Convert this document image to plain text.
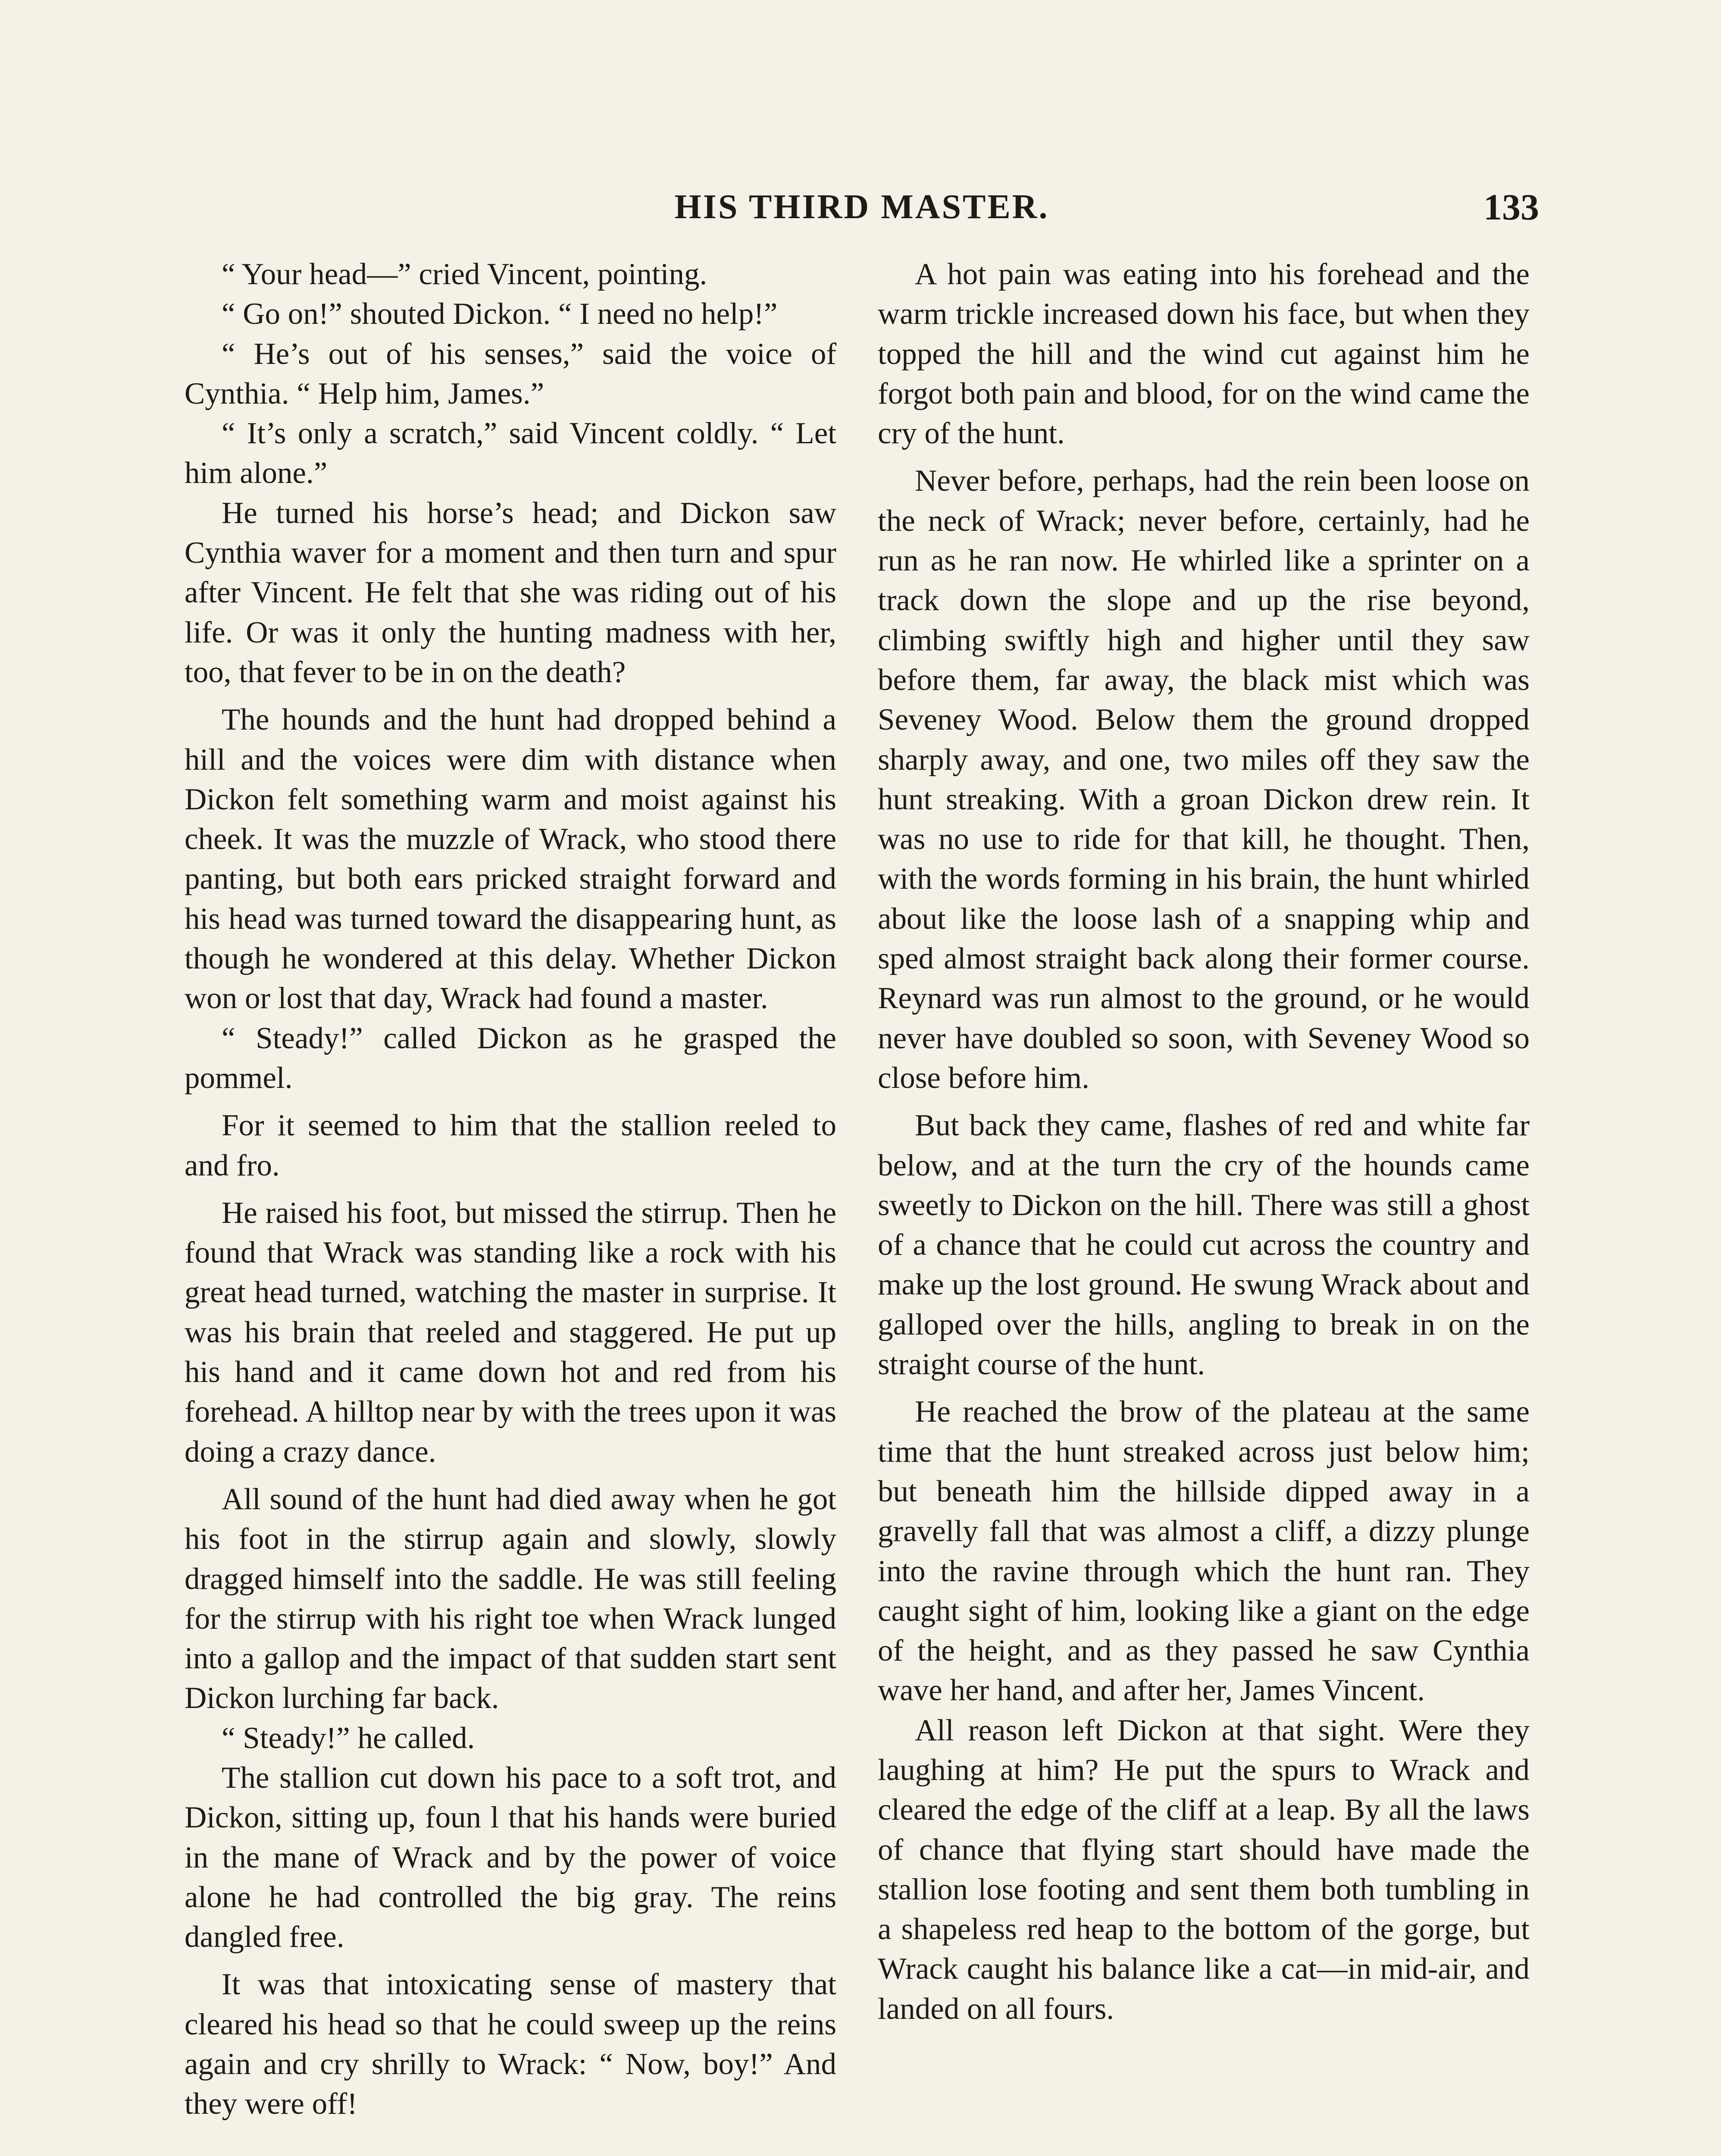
HIS THIRD MASTER.	133

“ Your head—” cried Vincent, pointing.

“ Go on!” shouted Dickon. “ I need no help!”

“ He’s out of his senses,” said the voice of Cynthia. “ Help him, James.”

“ It’s only a scratch,” said Vincent coldly. “ Let him alone.”

He turned his horse’s head; and Dickon saw Cynthia waver for a moment and then turn and spur after Vincent. He felt that she was riding out of his life. Or was it only the hunting madness with her, too, that fever to be in on the death?

The hounds and the hunt had dropped behind a hill and the voices were dim with distance when Dickon felt something warm and moist against his cheek. It was the muzzle of Wrack, who stood there panting, but both ears pricked straight forward and his head was turned toward the disappearing hunt, as though he wondered at this delay. Whether Dickon won or lost that day, Wrack had found a master.

“ Steady!” called Dickon as he grasped the pommel.

For it seemed to him that the stallion reeled to and fro.

He raised his foot, but missed the stirrup. Then he found that Wrack was standing like a rock with his great head turned, watching the master in surprise. It was his brain that reeled and staggered. He put up his hand and it came down hot and red from his forehead. A hilltop near by with the trees upon it was doing a crazy dance.

All sound of the hunt had died away when he got his foot in the stirrup again and slowly, slowly dragged himself into the saddle. He was still feeling for the stirrup with his right toe when Wrack lunged into a gallop and the impact of that sudden start sent Dickon lurching far back.

“ Steady!” he called.

The stallion cut down his pace to a soft trot, and Dickon, sitting up, foun l that his hands were buried in the mane of Wrack and by the power of voice alone he had controlled the big gray. The reins dangled free.

It was that intoxicating sense of mastery that cleared his head so that he could sweep up the reins again and cry shrilly to Wrack: “ Now, boy!” And they were off!

A hot pain was eating into his forehead and the warm trickle increased down his face, but when they topped the hill and the wind cut against him he forgot both pain and blood, for on the wind came the cry of the hunt.

Never before, perhaps, had the rein been loose on the neck of Wrack; never before, certainly, had he run as he ran now. He whirled like a sprinter on a track down the slope and up the rise beyond, climbing swiftly high and higher until they saw before them, far away, the black mist which was Seveney Wood. Below them the ground dropped sharply away, and one, two miles off they saw the hunt streaking. With a groan Dickon drew rein. It was no use to ride for that kill, he thought. Then, with the words forming in his brain, the hunt whirled about like the loose lash of a snapping whip and sped almost straight back along their former course. Reynard was run almost to the ground, or he would never have doubled so soon, with Seveney Wood so close before him.

But back they came, flashes of red and white far below, and at the turn the cry of the hounds came sweetly to Dickon on the hill. There was still a ghost of a chance that he could cut across the country and make up the lost ground. He swung Wrack about and galloped over the hills, angling to break in on the straight course of the hunt.

He reached the brow of the plateau at the same time that the hunt streaked across just below him; but beneath him the hillside dipped away in a gravelly fall that was almost a cliff, a dizzy plunge into the ravine through which the hunt ran. They caught sight of him, looking like a giant on the edge of the height, and as they passed he saw Cynthia wave her hand, and after her, James Vincent.

All reason left Dickon at that sight. Were they laughing at him? He put the spurs to Wrack and cleared the edge of the cliff at a leap. By all the laws of chance that flying start should have made the stallion lose footing and sent them both tumbling in a shapeless red heap to the bottom of the gorge, but Wrack caught his balance like a cat—in mid-air, and landed on all fours.
